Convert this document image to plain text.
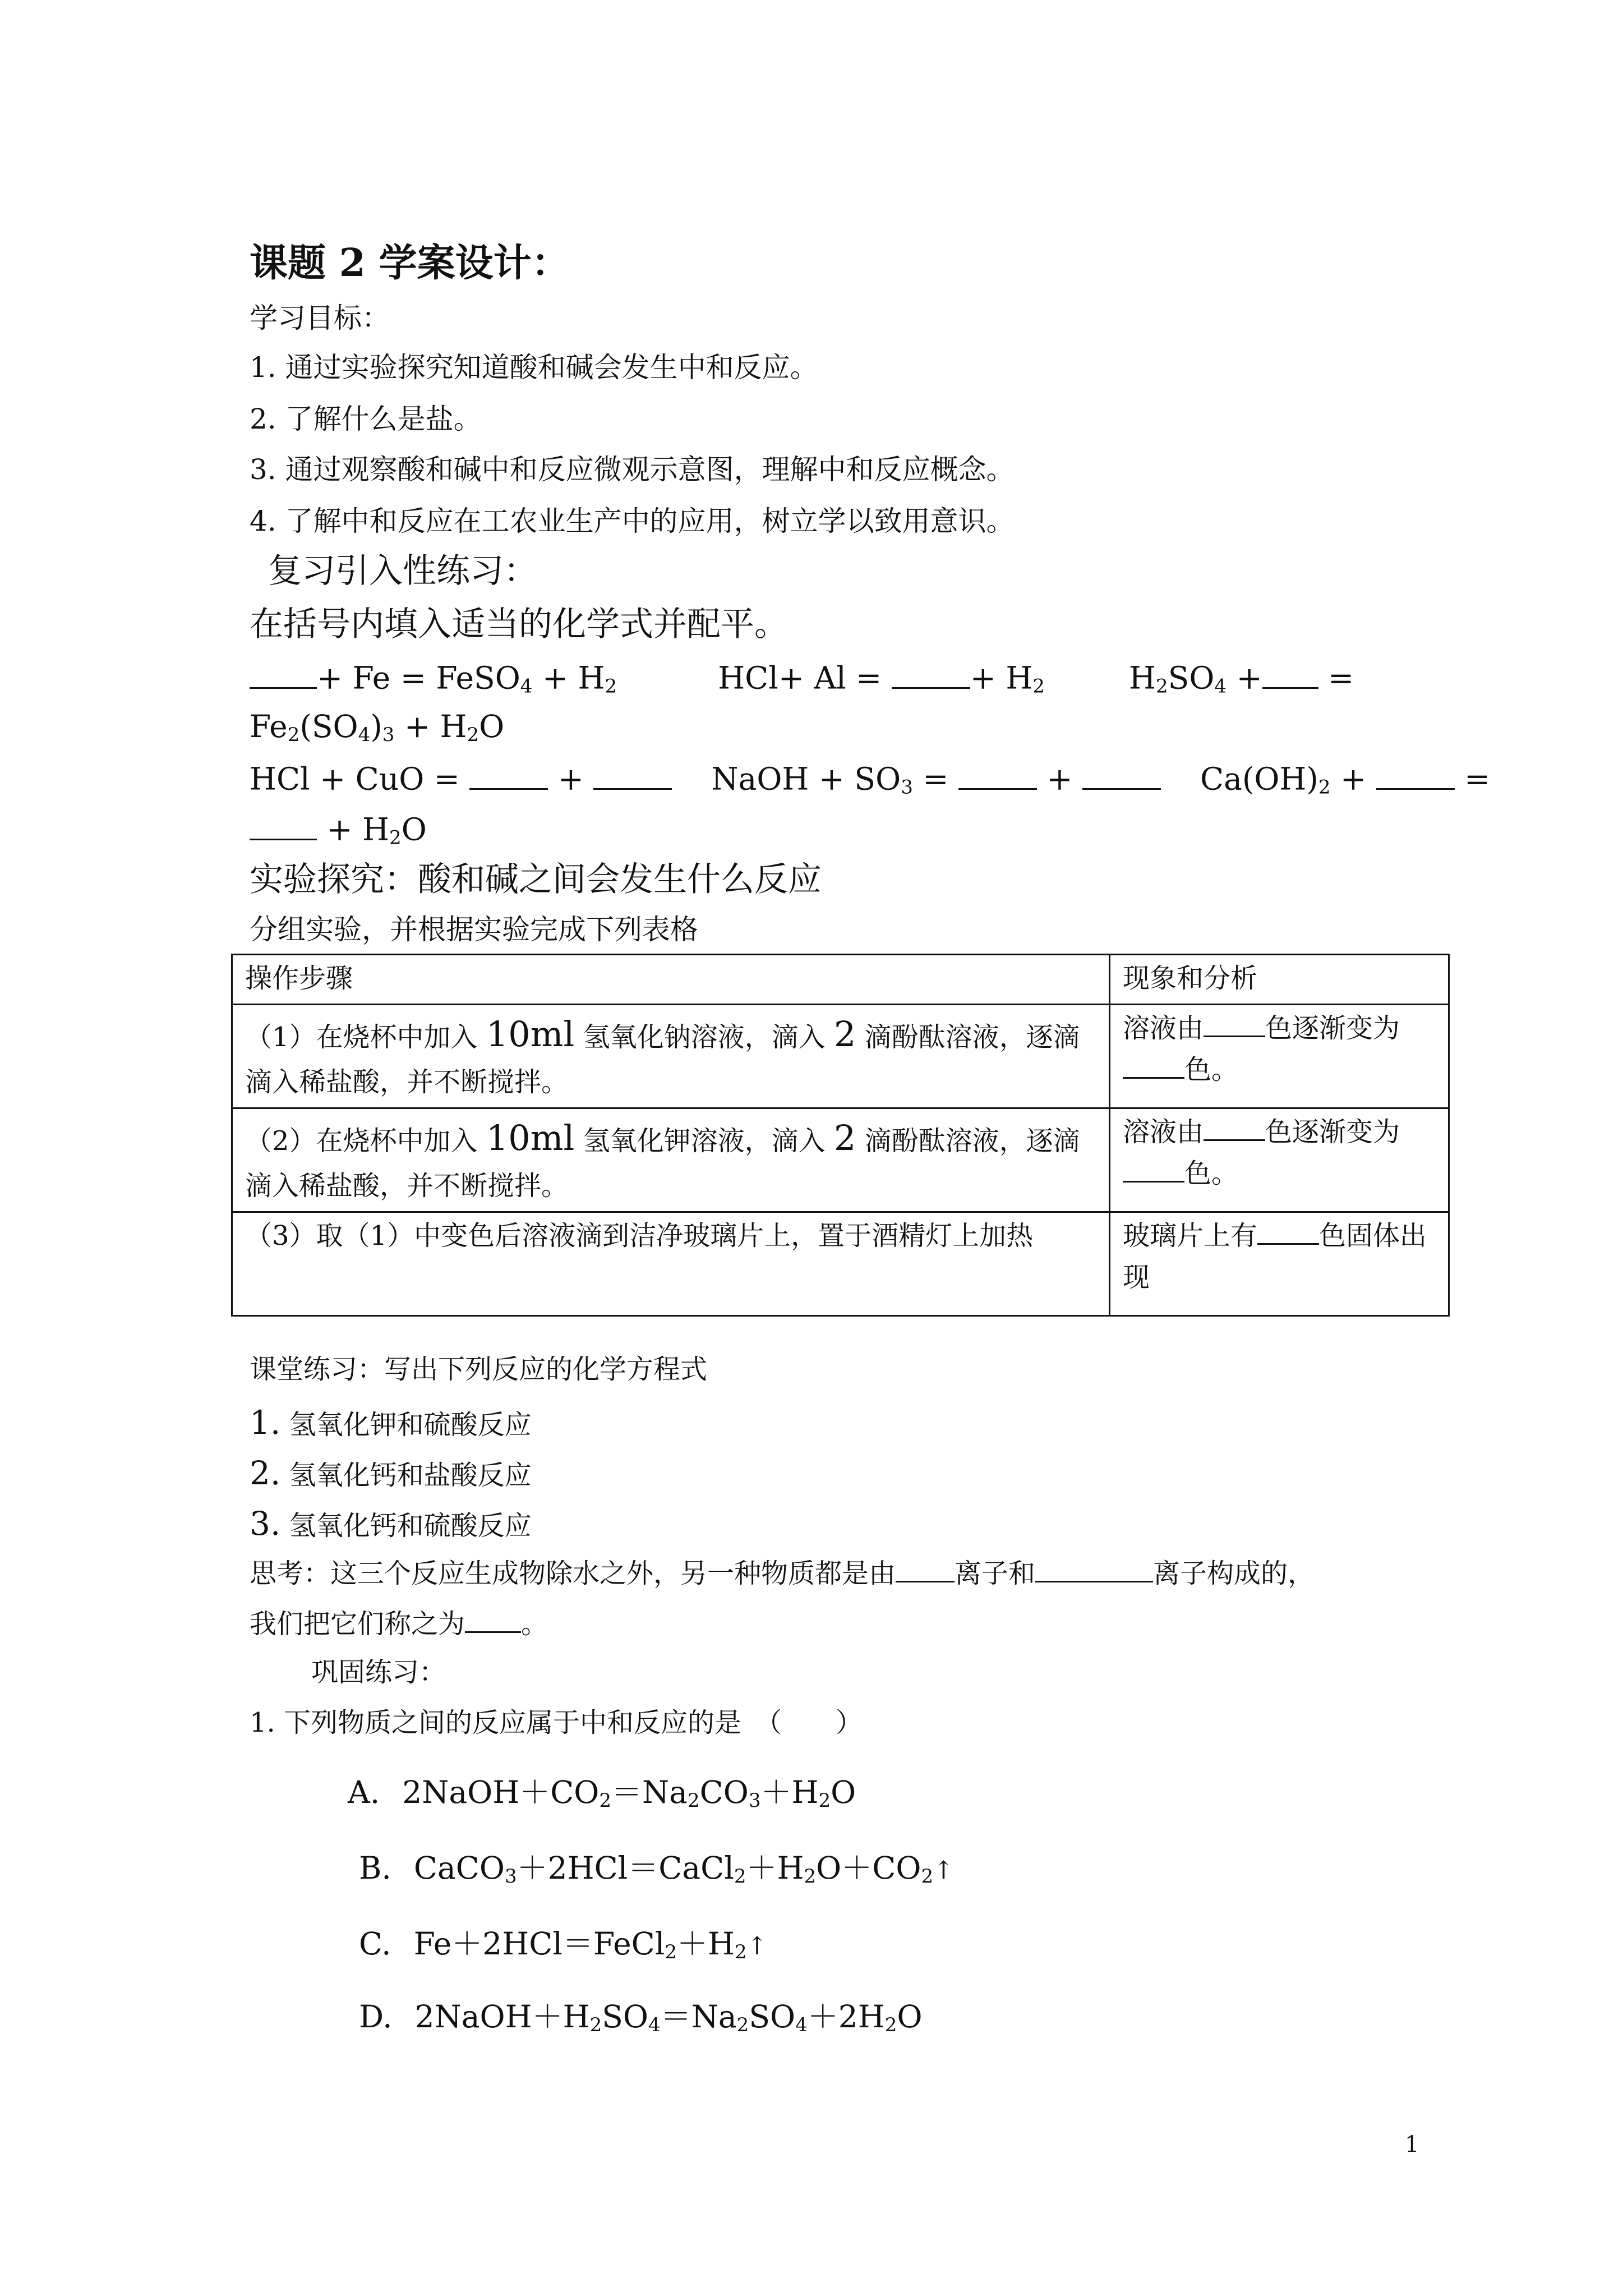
课题 2 学案设计：
学习目标：
1. 通过实验探究知道酸和碱会发生中和反应。
2. 了解什么是盐。
3. 通过观察酸和碱中和反应微观示意图，理解中和反应概念。
4. 了解中和反应在工农业生产中的应用，树立学以致用意识。
复习引入性练习：
在括号内填入适当的化学式并配平。
+ Fe = FeSO$_4$ + $H_2$	HCl+ Al =	+ $H_2$	$H_2SO_4$ + =
$Fe_2(SO_4)_3 + H_2O$
HCl + CuO =	+	NaOH + $SO_3$ =	+	$Ca(OH)_2$ +	=
+ $H_2O$
实验探究：酸和碱之间会发生什么反应
分组实验，并根据实验完成下列表格
操作步骤	现象和分析
（1）在烧杯中加入 10ml 氢氧化钠溶液，滴入 2 滴酚酞溶液，逐滴滴入稀盐酸，并不断搅拌。	溶液由 色逐渐变为
色。
（2）在烧杯中加入 10ml 氢氧化钾溶液，滴入 2 滴酚酞溶液，逐滴滴入稀盐酸，并不断搅拌。	溶液由 色逐渐变为
色。
（3）取（1）中变色后溶液滴到洁净玻璃片上，置于酒精灯上加热	玻璃片上有 色固体出现
课堂练习：写出下列反应的化学方程式
1. 氢氧化钾和硫酸反应
2. 氢氧化钙和盐酸反应
3. 氢氧化钙和硫酸反应
思考：这三个反应生成物除水之外，另一种物质都是由 离子和	离子构成的，
我们把它们称之为 。
巩固练习：
1. 下列物质之间的反应属于中和反应的是　（　　）
A. $2NaOH+CO_2=Na_2CO_3+H_2O$
B. $CaCO_3+2HCl=CaCl_2+H_2O+CO_2↑$
C. $Fe+2HCl=FeCl_2+H_2↑$
D. $2NaOH+H_2SO_4=Na_2SO_4+2H_2O$
1
